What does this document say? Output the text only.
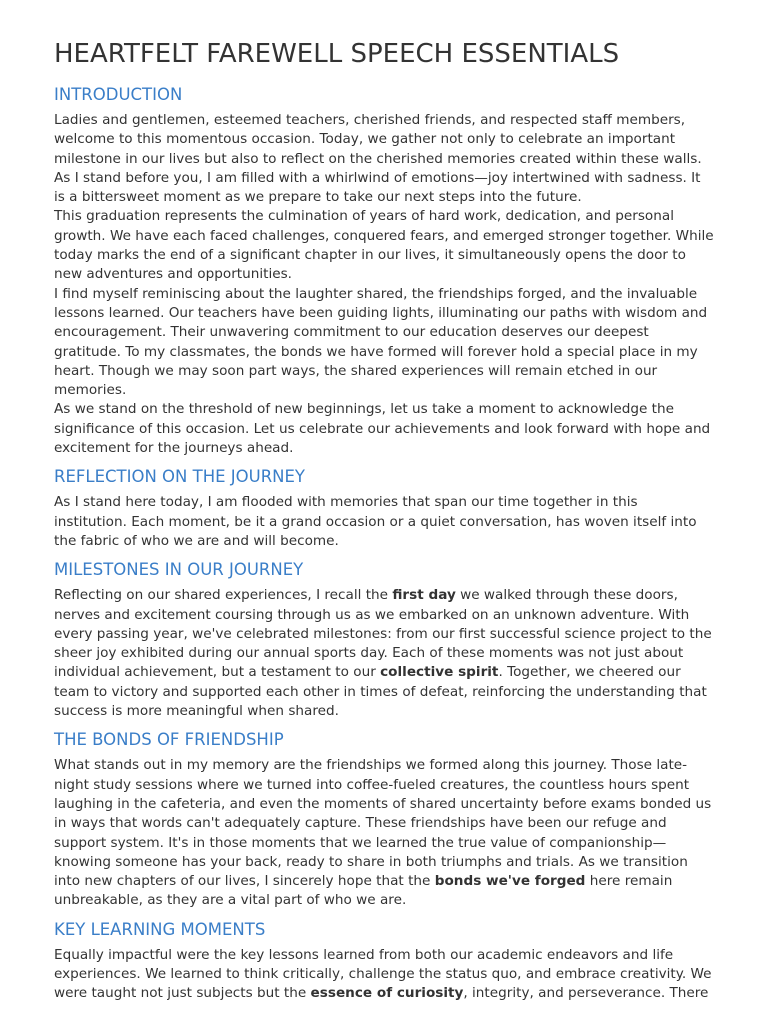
HEARTFELT FAREWELL SPEECH ESSENTIALS
INTRODUCTION

Ladies and gentlemen, esteemed teachers, cherished friends, and respected staff members, welcome to this momentous occasion. Today, we gather not only to celebrate an important milestone in our lives but also to reflect on the cherished memories created within these walls. As I stand before you, I am filled with a whirlwind of emotions—joy intertwined with sadness. It is a bittersweet moment as we prepare to take our next steps into the future.

This graduation represents the culmination of years of hard work, dedication, and personal growth. We have each faced challenges, conquered fears, and emerged stronger together. While today marks the end of a significant chapter in our lives, it simultaneously opens the door to new adventures and opportunities.

I find myself reminiscing about the laughter shared, the friendships forged, and the invaluable lessons learned. Our teachers have been guiding lights, illuminating our paths with wisdom and encouragement. Their unwavering commitment to our education deserves our deepest gratitude. To my classmates, the bonds we have formed will forever hold a special place in my heart. Though we may soon part ways, the shared experiences will remain etched in our memories.

As we stand on the threshold of new beginnings, let us take a moment to acknowledge the significance of this occasion. Let us celebrate our achievements and look forward with hope and excitement for the journeys ahead.

REFLECTION ON THE JOURNEY

As I stand here today, I am flooded with memories that span our time together in this institution. Each moment, be it a grand occasion or a quiet conversation, has woven itself into the fabric of who we are and will become.

MILESTONES IN OUR JOURNEY

Reflecting on our shared experiences, I recall the first day we walked through these doors, nerves and excitement coursing through us as we embarked on an unknown adventure. With every passing year, we've celebrated milestones: from our first successful science project to the sheer joy exhibited during our annual sports day. Each of these moments was not just about individual achievement, but a testament to our collective spirit. Together, we cheered our team to victory and supported each other in times of defeat, reinforcing the understanding that success is more meaningful when shared.

THE BONDS OF FRIENDSHIP

What stands out in my memory are the friendships we formed along this journey. Those late-night study sessions where we turned into coffee-fueled creatures, the countless hours spent laughing in the cafeteria, and even the moments of shared uncertainty before exams bonded us in ways that words can't adequately capture. These friendships have been our refuge and support system. It's in those moments that we learned the true value of companionship—knowing someone has your back, ready to share in both triumphs and trials. As we transition into new chapters of our lives, I sincerely hope that the bonds we've forged here remain unbreakable, as they are a vital part of who we are.

KEY LEARNING MOMENTS

Equally impactful were the key lessons learned from both our academic endeavors and life experiences. We learned to think critically, challenge the status quo, and embrace creativity. We were taught not just subjects but the essence of curiosity, integrity, and perseverance. There
